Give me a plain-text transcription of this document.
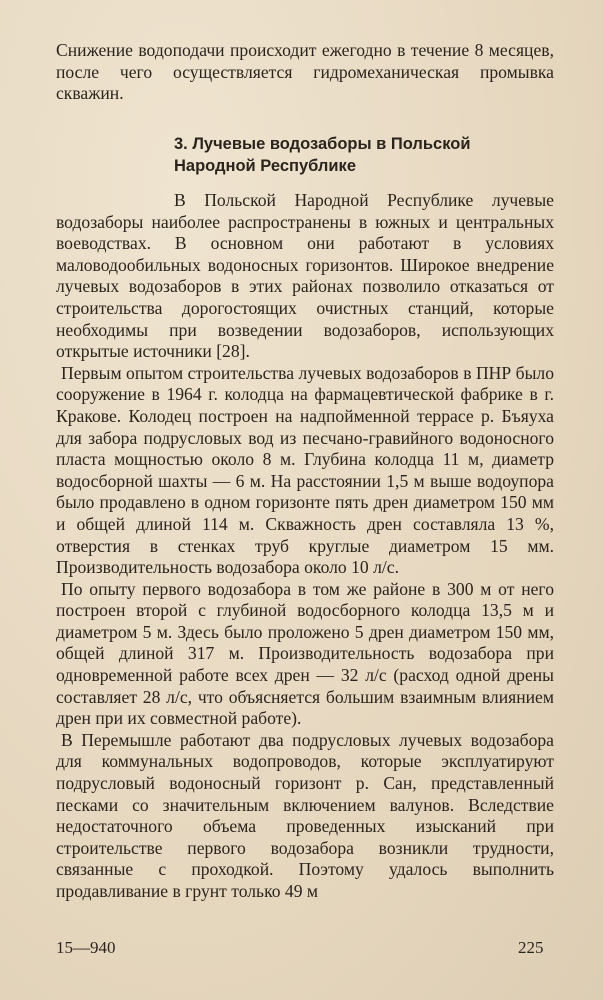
Снижение водоподачи происходит ежегодно в течение 8 месяцев, после чего осуществляется гидромеханическая промывка скважин.

3. Лучевые водозаборы в Польской
Народной Республике

В Польской Народной Республике лучевые водозаборы наиболее распространены в южных и центральных воеводствах. В основном они работают в условиях маловодообильных водоносных горизонтов. Широкое внедрение лучевых водозаборов в этих районах позволило отказаться от строительства дорогостоящих очистных станций, которые необходимы при возведении водозаборов, использующих открытые источники [28].

Первым опытом строительства лучевых водозаборов в ПНР было сооружение в 1964 г. колодца на фармацевтической фабрике в г. Кракове. Колодец построен на надпойменной террасе р. Бъяуха для забора подрусловых вод из песчано-гравийного водоносного пласта мощностью около 8 м. Глубина колодца 11 м, диаметр водосборной шахты — 6 м. На расстоянии 1,5 м выше водоупора было продавлено в одном горизонте пять дрен диаметром 150 мм и общей длиной 114 м. Скважность дрен составляла 13 %, отверстия в стенках труб круглые диаметром 15 мм. Производительность водозабора около 10 л/с.

По опыту первого водозабора в том же районе в 300 м от него построен второй с глубиной водосборного колодца 13,5 м и диаметром 5 м. Здесь было проложено 5 дрен диаметром 150 мм, общей длиной 317 м. Производительность водозабора при одновременной работе всех дрен — 32 л/с (расход одной дрены составляет 28 л/с, что объясняется большим взаимным влиянием дрен при их совместной работе).

В Перемышле работают два подрусловых лучевых водозабора для коммунальных водопроводов, которые эксплуатируют подрусловый водоносный горизонт р. Сан, представленный песками со значительным включением валунов. Вследствие недостаточного объема проведенных изысканий при строительстве первого водозабора возникли трудности, связанные с проходкой. Поэтому удалось выполнить продавливание в грунт только 49 м

15—940	225
